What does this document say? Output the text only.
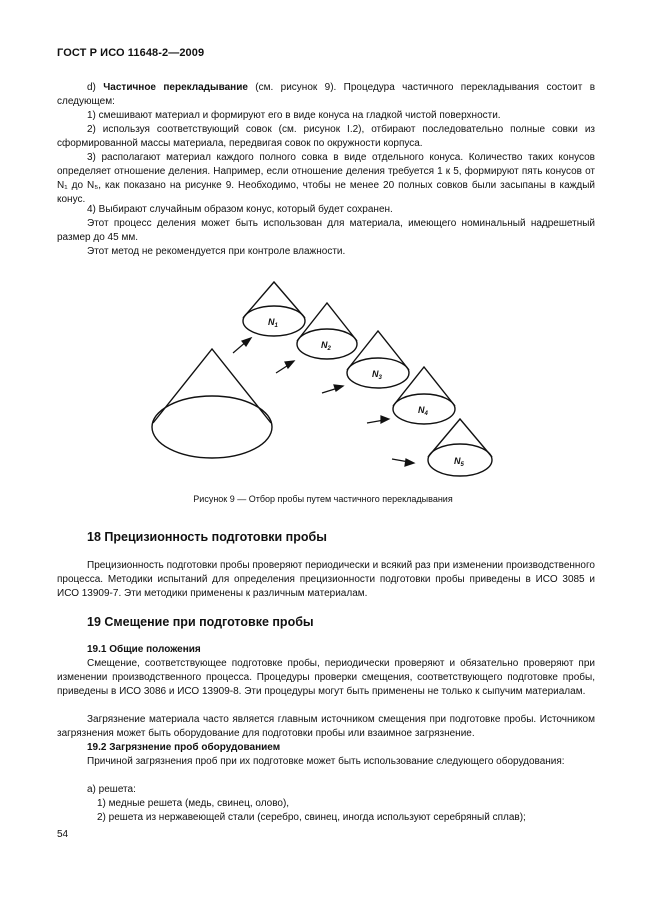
ГОСТ Р ИСО 11648-2—2009
d) Частичное перекладывание (см. рисунок 9). Процедура частичного перекладывания состоит в следующем:
1) смешивают материал и формируют его в виде конуса на гладкой чистой поверхности.
2) используя соответствующий совок (см. рисунок I.2), отбирают последовательно полные совки из сформированной массы материала, передвигая совок по окружности корпуса.
3) располагают материал каждого полного совка в виде отдельного конуса. Количество таких конусов определяет отношение деления. Например, если отношение деления требуется 1 к 5, формируют пять конусов от N₁ до N₅, как показано на рисунке 9. Необходимо, чтобы не менее 20 полных совков были засыпаны в каждый конус.
4) Выбирают случайным образом конус, который будет сохранен.
Этот процесс деления может быть использован для материала, имеющего номинальный надрешетный размер до 45 мм.
Этот метод не рекомендуется при контроле влажности.
$N_1$
$N_2$
$N_3$
$N_4$
$N_5$
Рисунок 9 — Отбор пробы путем частичного перекладывания
18 Прецизионность подготовки пробы
Прецизионность подготовки пробы проверяют периодически и всякий раз при изменении производственного процесса. Методики испытаний для определения прецизионности подготовки пробы приведены в ИСО 3085 и ИСО 13909-7. Эти методики применены к различным материалам.
19 Смещение при подготовке пробы
19.1 Общие положения
Смещение, соответствующее подготовке пробы, периодически проверяют и обязательно проверяют при изменении производственного процесса. Процедуры проверки смещения, соответствующего подготовке пробы, приведены в ИСО 3086 и ИСО 13909-8. Эти процедуры могут быть применены не только к сыпучим материалам.
Загрязнение материала часто является главным источником смещения при подготовке пробы. Источником загрязнения может быть оборудование для подготовки пробы или взаимное загрязнение.
19.2 Загрязнение проб оборудованием
Причиной загрязнения проб при их подготовке может быть использование следующего оборудования:
а) решета:
1) медные решета (медь, свинец, олово),
2) решета из нержавеющей стали (серебро, свинец, иногда используют серебряный сплав);
54
